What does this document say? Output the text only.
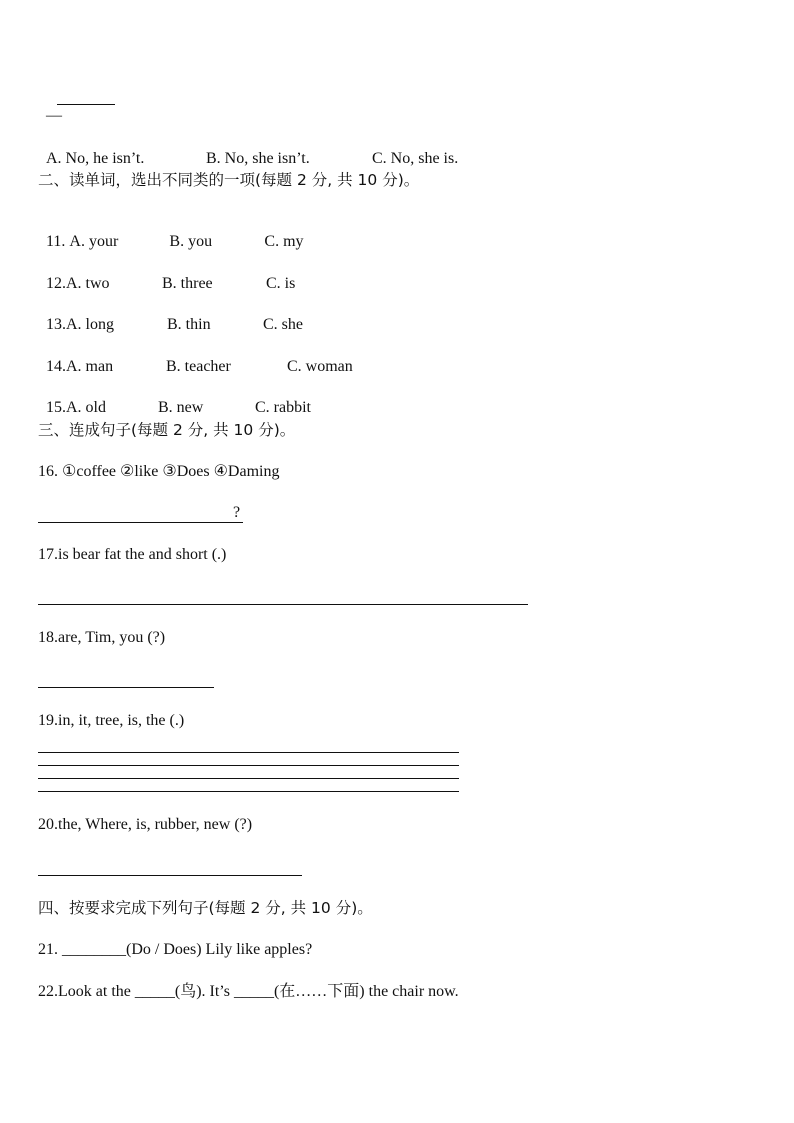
—

A. No, he isn’t.	B. No, she isn’t.	C. No, she is.

二、读单词，选出不同类的一项(每题 2 分, 共 10 分)。

11. A. your	B. you	C. my

12.A. two	B. three	C. is

13.A. long	B. thin	C. she

14.A. man	B. teacher	C. woman

15.A. old	B. new	C. rabbit

三、连成句子(每题 2 分, 共 10 分)。
16. ①coffee ②like ③Does ④Daming
?
17.is bear fat the and short (.)
18.are, Tim, you (?)
19.in, it, tree, is, the (.)
20.the, Where, is, rubber, new (?)
四、按要求完成下列句子(每题 2 分, 共 10 分)。
21. ________(Do / Does) Lily like apples?
22.Look at the _____(鸟). It’s _____(在……下面) the chair now.
